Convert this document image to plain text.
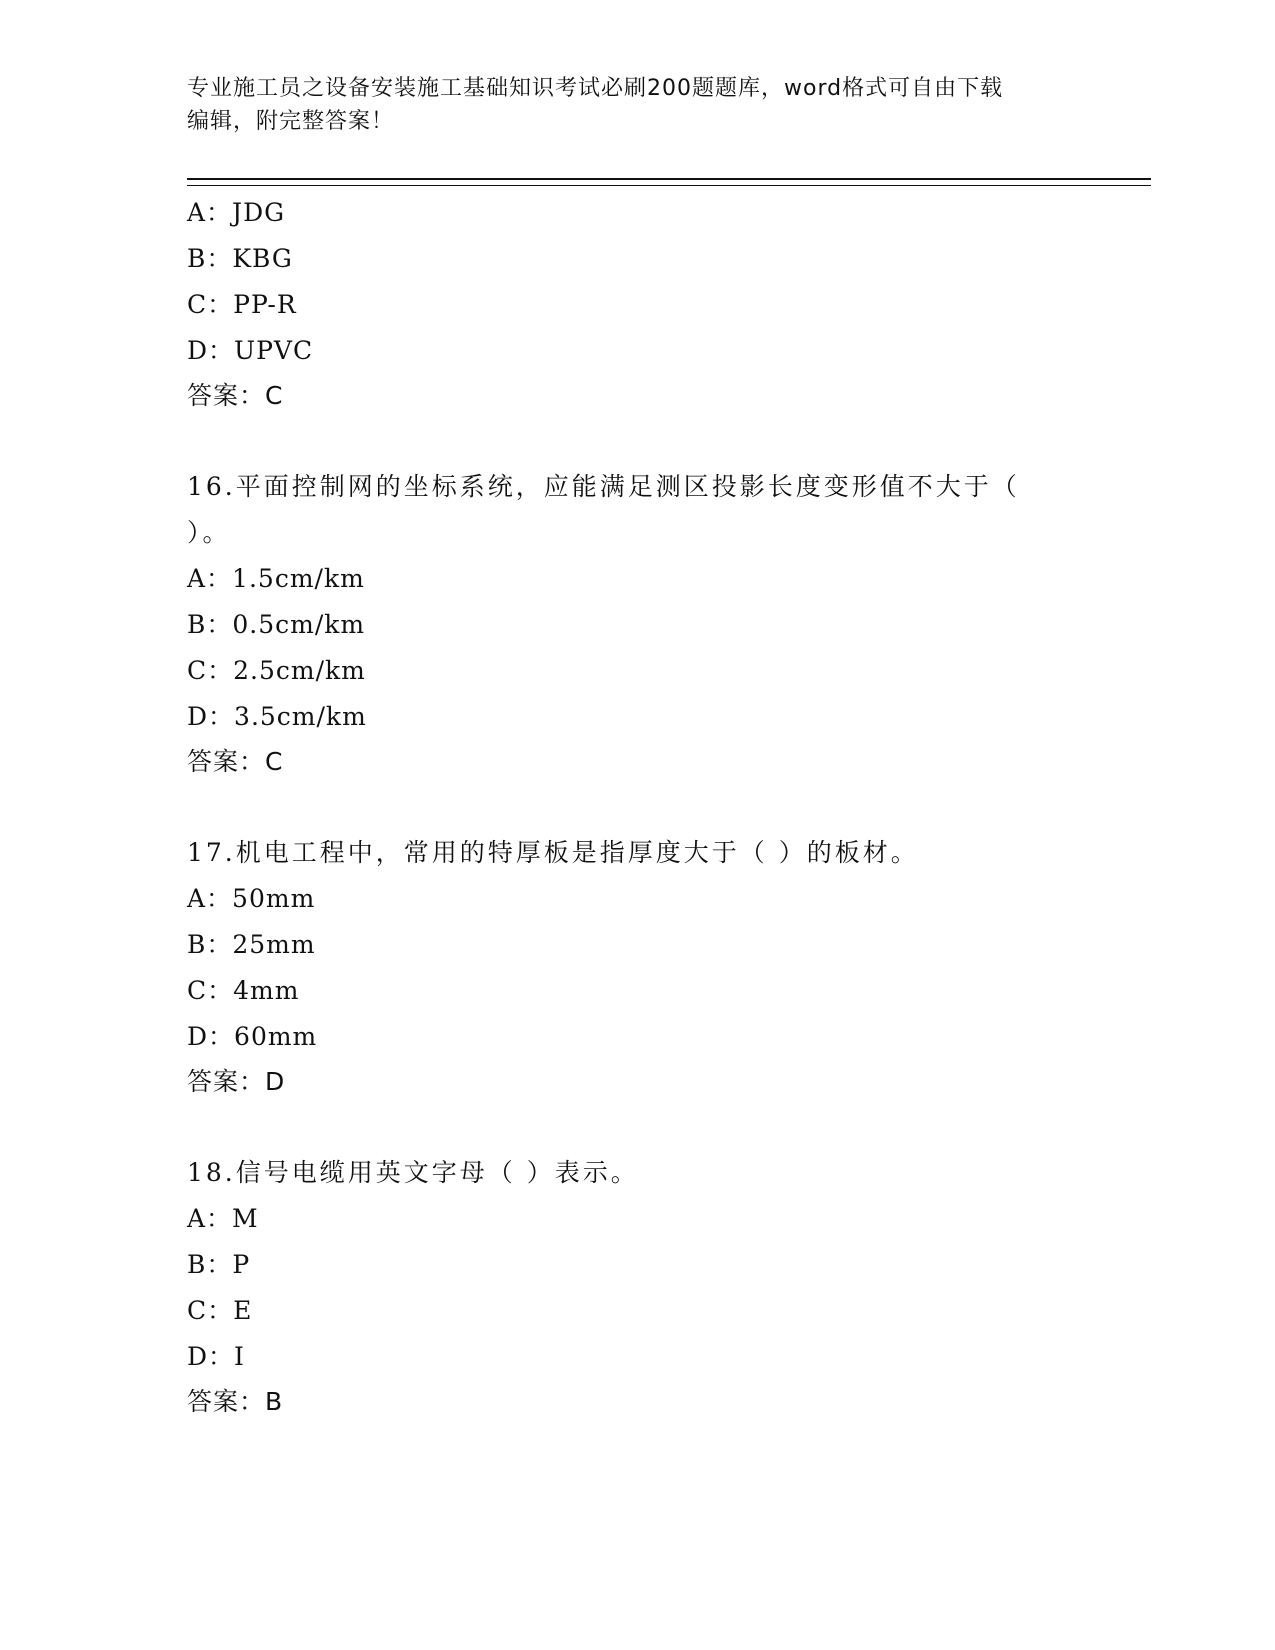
专业施工员之设备安装施工基础知识考试必刷200题题库，word格式可自由下载
编辑，附完整答案！
A：JDG
B：KBG
C：PP-R
D：UPVC
答案：C
16.平面控制网的坐标系统，应能满足测区投影长度变形值不大于（
）。
A：1.5cm/km
B：0.5cm/km
C：2.5cm/km
D：3.5cm/km
答案：C
17.机电工程中，常用的特厚板是指厚度大于（ ）的板材。
A：50mm
B：25mm
C：4mm
D：60mm
答案：D
18.信号电缆用英文字母（ ）表示。
A：M
B：P
C：E
D：I
答案：B
